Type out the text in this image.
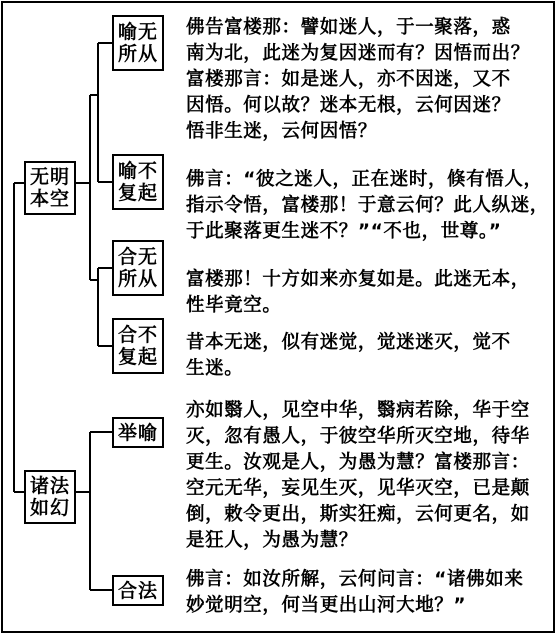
无明
本空
诸法
如幻
喻无
所从
喻不
复起
合无
所从
合不
复起
举喻
合法
佛告富楼那：譬如迷人，于一聚落，惑
南为北，此迷为复因迷而有？因悟而出？
富楼那言：如是迷人，亦不因迷，又不
因悟。何以故？迷本无根，云何因迷？
悟非生迷，云何因悟？
佛言：“彼之迷人，正在迷时，倏有悟人，
指示令悟，富楼那！于意云何？此人纵迷，
于此聚落更生迷不？”“不也，世尊。”
富楼那！十方如来亦复如是。此迷无本，
性毕竟空。
昔本无迷，似有迷觉，觉迷迷灭，觉不
生迷。
亦如翳人，见空中华，翳病若除，华于空
灭，忽有愚人，于彼空华所灭空地，待华
更生。汝观是人，为愚为慧？富楼那言：
空元无华，妄见生灭，见华灭空，已是颠
倒，敕令更出，斯实狂痴，云何更名，如
是狂人，为愚为慧？
佛言：如汝所解，云何问言：“诸佛如来
妙觉明空，何当更出山河大地？”
